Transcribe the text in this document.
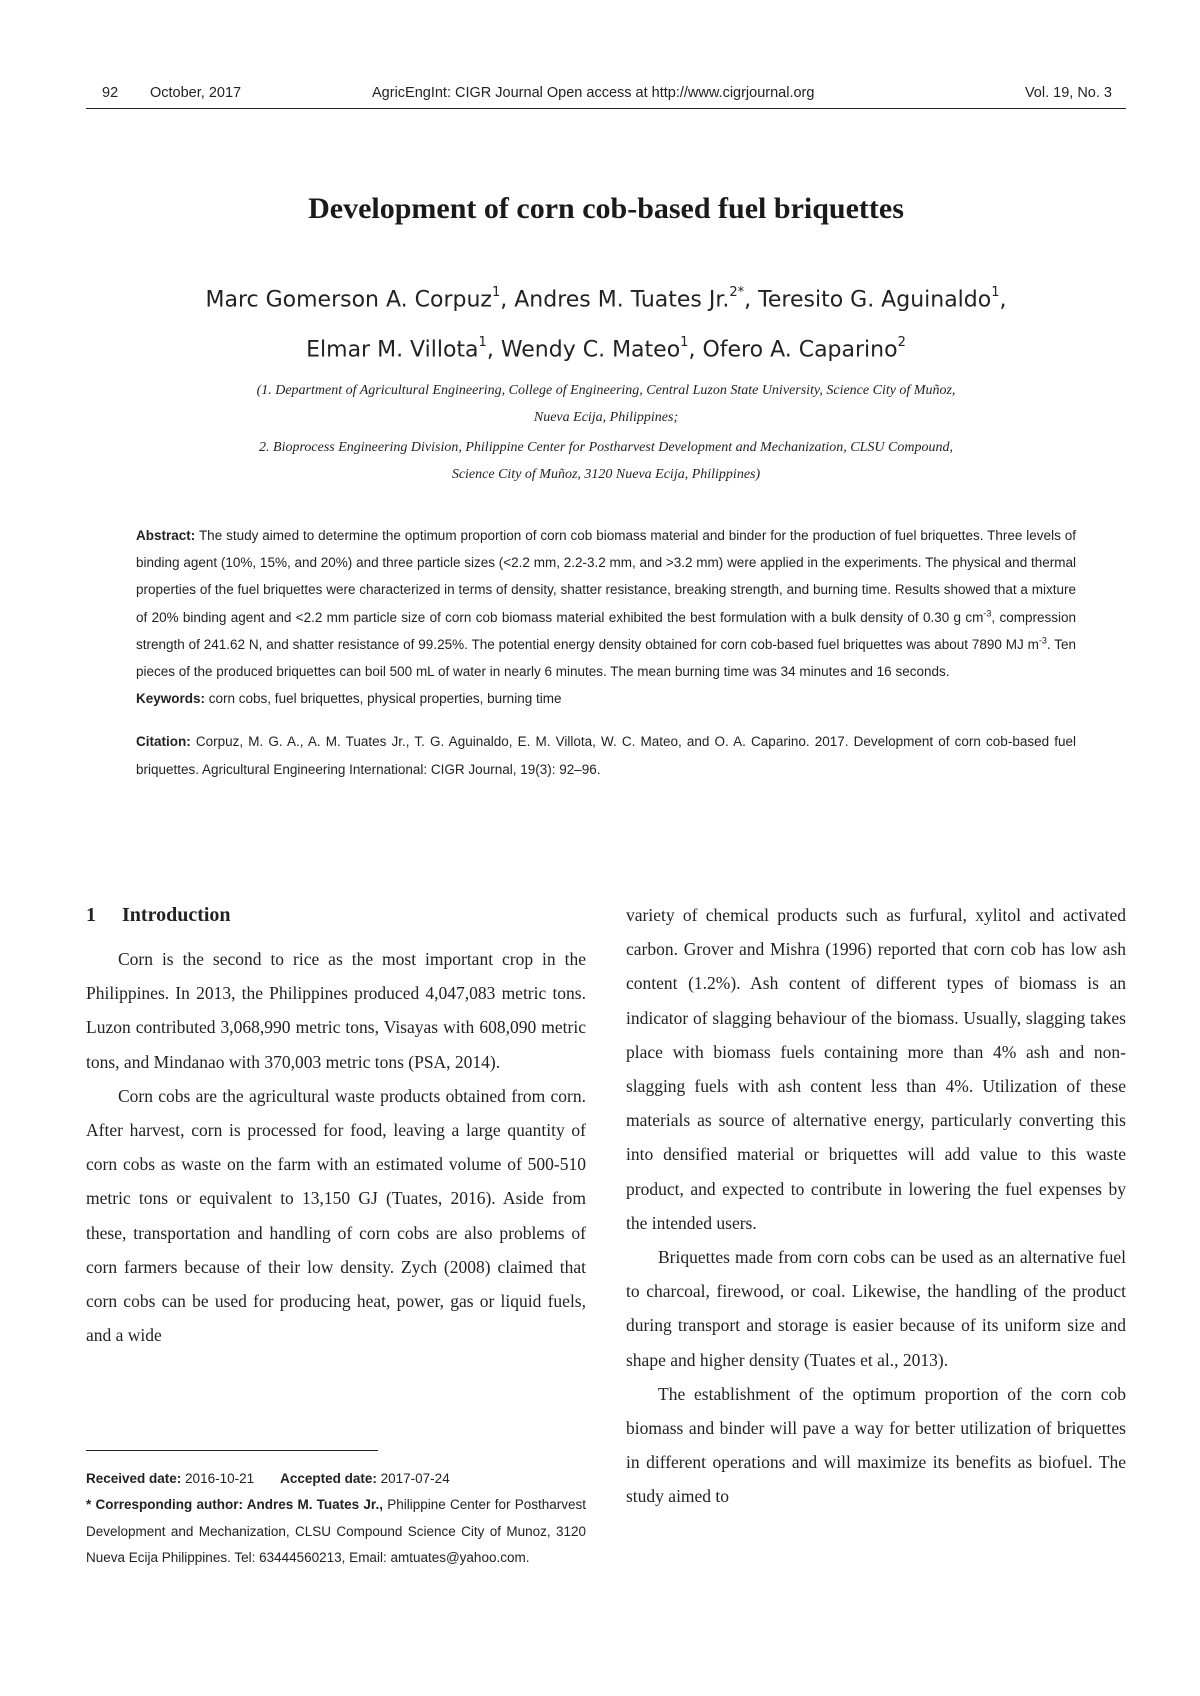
92 October, 2017	AgricEngInt: CIGR Journal Open access at http://www.cigrjournal.org	Vol. 19, No. 3
Development of corn cob-based fuel briquettes
Marc Gomerson A. Corpuz$^1$, Andres M. Tuates Jr.$^{2*}$, Teresito G. Aguinaldo$^1$,
Elmar M. Villota$^1$, Wendy C. Mateo$^1$, Ofero A. Caparino$^2$
(1. Department of Agricultural Engineering, College of Engineering, Central Luzon State University, Science City of Muñoz,
Nueva Ecija, Philippines;
2. Bioprocess Engineering Division, Philippine Center for Postharvest Development and Mechanization, CLSU Compound,
Science City of Muñoz, 3120 Nueva Ecija, Philippines)

Abstract: The study aimed to determine the optimum proportion of corn cob biomass material and binder for the production of fuel briquettes. Three levels of binding agent (10%, 15%, and 20%) and three particle sizes (<2.2 mm, 2.2-3.2 mm, and >3.2 mm) were applied in the experiments. The physical and thermal properties of the fuel briquettes were characterized in terms of density, shatter resistance, breaking strength, and burning time. Results showed that a mixture of 20% binding agent and <2.2 mm particle size of corn cob biomass material exhibited the best formulation with a bulk density of 0.30 g $cm^{-3}$, compression strength of 241.62 N, and shatter resistance of 99.25%. The potential energy density obtained for corn cob-based fuel briquettes was about 7890 MJ $m^{-3}$. Ten pieces of the produced briquettes can boil 500 mL of water in nearly 6 minutes. The mean burning time was 34 minutes and 16 seconds.

Keywords: corn cobs, fuel briquettes, physical properties, burning time

Citation: Corpuz, M. G. A., A. M. Tuates Jr., T. G. Aguinaldo, E. M. Villota, W. C. Mateo, and O. A. Caparino. 2017. Development of corn cob-based fuel briquettes. Agricultural Engineering International: CIGR Journal, 19(3): 92–96.

1 Introduction

Corn is the second to rice as the most important crop in the Philippines. In 2013, the Philippines produced 4,047,083 metric tons. Luzon contributed 3,068,990 metric tons, Visayas with 608,090 metric tons, and Mindanao with 370,003 metric tons (PSA, 2014).

Corn cobs are the agricultural waste products obtained from corn. After harvest, corn is processed for food, leaving a large quantity of corn cobs as waste on the farm with an estimated volume of 500-510 metric tons or equivalent to 13,150 GJ (Tuates, 2016). Aside from these, transportation and handling of corn cobs are also problems of corn farmers because of their low density. Zych (2008) claimed that corn cobs can be used for producing heat, power, gas or liquid fuels, and a wide

variety of chemical products such as furfural, xylitol and activated carbon. Grover and Mishra (1996) reported that corn cob has low ash content (1.2%). Ash content of different types of biomass is an indicator of slagging behaviour of the biomass. Usually, slagging takes place with biomass fuels containing more than 4% ash and non-slagging fuels with ash content less than 4%. Utilization of these materials as source of alternative energy, particularly converting this into densified material or briquettes will add value to this waste product, and expected to contribute in lowering the fuel expenses by the intended users.

Briquettes made from corn cobs can be used as an alternative fuel to charcoal, firewood, or coal. Likewise, the handling of the product during transport and storage is easier because of its uniform size and shape and higher density (Tuates et al., 2013).

The establishment of the optimum proportion of the corn cob biomass and binder will pave a way for better utilization of briquettes in different operations and will maximize its benefits as biofuel. The study aimed to

Received date: 2016-10-21 Accepted date: 2017-07-24

* Corresponding author: Andres M. Tuates Jr., Philippine Center for Postharvest Development and Mechanization, CLSU Compound Science City of Munoz, 3120 Nueva Ecija Philippines. Tel: 63444560213, Email: amtuates@yahoo.com.
